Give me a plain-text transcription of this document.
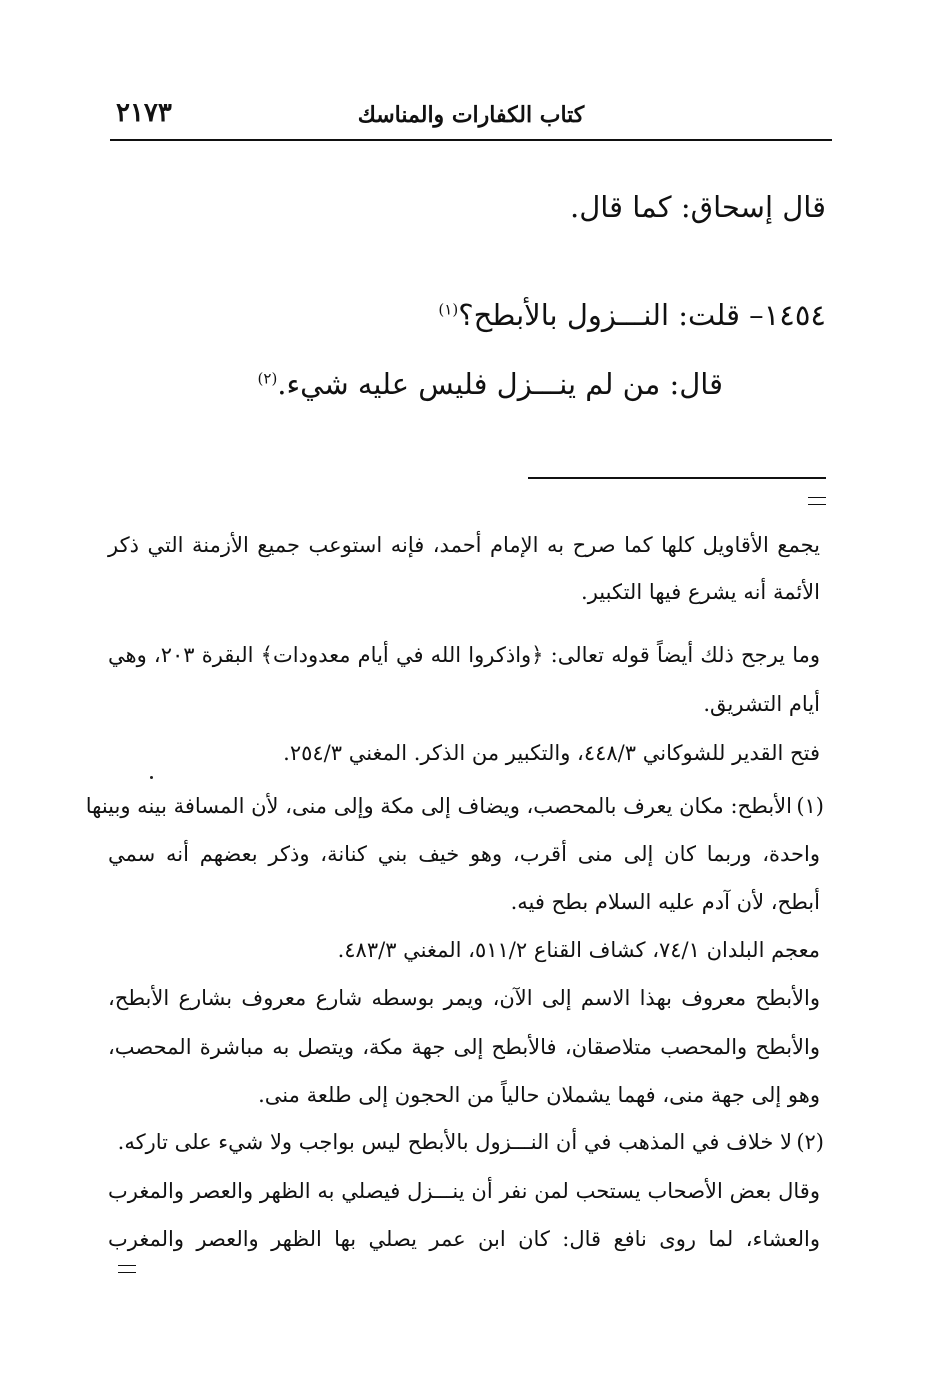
كتاب الكفارات والمناسك
٢١٧٣
قال إسحاق: كما قال.
١٤٥٤– قلت: النـــزول بالأبطح؟$^{(١)}$
قال: من لم ينـــزل فليس عليه شيء.$^{(٢)}$
يجمع الأقاويل كلها كما صرح به الإمام أحمد، فإنه استوعب جميع الأزمنة التي ذكر
الأئمة أنه يشرع فيها التكبير.
وما يرجح ذلك أيضاً قوله تعالى: ﴿واذكروا الله في أيام معدودات﴾ البقرة ٢٠٣، وهي
أيام التشريق.
فتح القدير للشوكاني ٤٤٨/٣، والتكبير من الذكر. المغني ٢٥٤/٣.
(١)
الأبطح: مكان يعرف بالمحصب، ويضاف إلى مكة وإلى منى، لأن المسافة بينه وبينها
واحدة، وربما كان إلى منى أقرب، وهو خيف بني كنانة، وذكر بعضهم أنه سمي
أبطح، لأن آدم عليه السلام بطح فيه.
معجم البلدان ٧٤/١، كشاف القناع ٥١١/٢، المغني ٤٨٣/٣.
والأبطح معروف بهذا الاسم إلى الآن، ويمر بوسطه شارع معروف بشارع الأبطح،
والأبطح والمحصب متلاصقان، فالأبطح إلى جهة مكة، ويتصل به مباشرة المحصب،
وهو إلى جهة منى، فهما يشملان حالياً من الحجون إلى طلعة منى.
(٢)
لا خلاف في المذهب في أن النـــزول بالأبطح ليس بواجب ولا شيء على تاركه.
وقال بعض الأصحاب يستحب لمن نفر أن ينـــزل فيصلي به الظهر والعصر والمغرب
والعشاء، لما روى نافع قال: كان ابن عمر يصلي بها الظهر والعصر والمغرب
